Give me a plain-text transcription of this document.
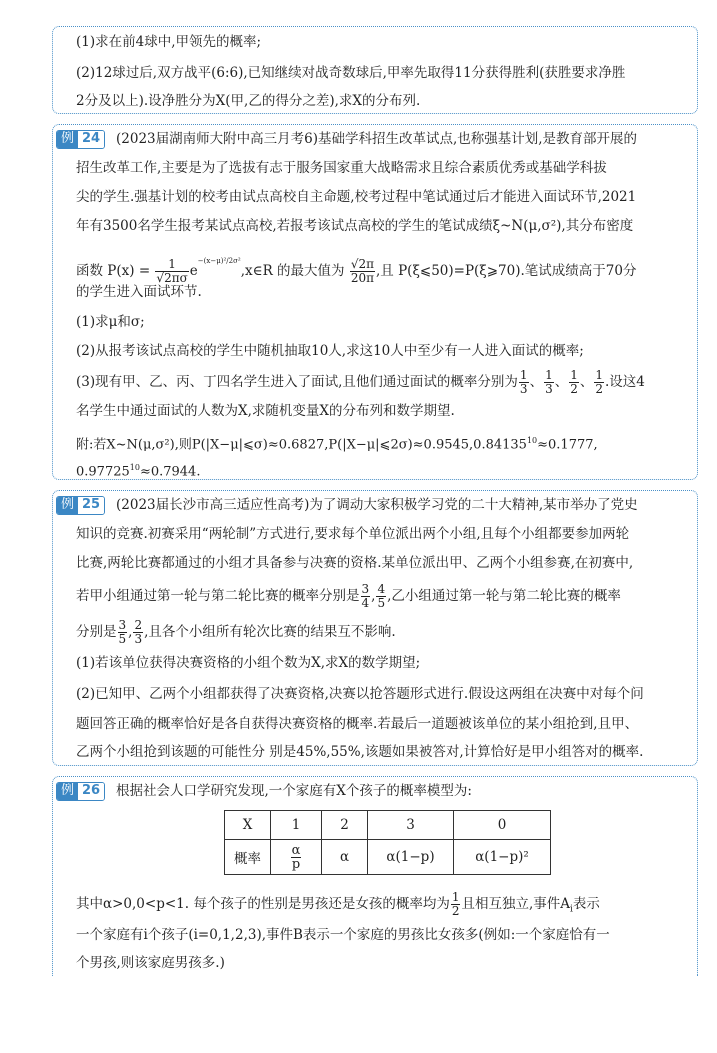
(1)求在前4球中,甲领先的概率;
(2)12球过后,双方战平(6:6),已知继续对战奇数球后,甲率先取得11分获得胜利(获胜要求净胜
2分及以上).设净胜分为X(甲,乙的得分之差),求X的分布列.
例 24 (2023届湖南师大附中高三月考6)基础学科招生改革试点,也称强基计划,是教育部开展的
招生改革工作,主要是为了选拔有志于服务国家重大战略需求且综合素质优秀或基础学科拔
尖的学生.强基计划的校考由试点高校自主命题,校考过程中笔试通过后才能进入面试环节,2021
年有3500名学生报考某试点高校,若报考该试点高校的学生的笔试成绩ξ~N(μ,σ²),其分布密度
函数 $P(x) = \frac{1}{√2\pi\sigma}$ $e^{-(x-\mu)^2/2\sigma^2},x\in R$ 的最大值为 $\frac{√2\pi}{20\pi}$ ,且 P(ξ⩽50)=P(ξ⩾70).笔试成绩高于70分
的学生进入面试环节.
(1)求μ和σ;
(2)从报考该试点高校的学生中随机抽取10人,求这10人中至少有一人进入面试的概率;
(3)现有甲、乙、丙、丁四名学生进入了面试,且他们通过面试的概率分别为 $\frac{1}{3}$ 、 $\frac{1}{3}$ 、 $\frac{1}{2}$ 、 $\frac{1}{2}$ .设这4
名学生中通过面试的人数为X,求随机变量X的分布列和数学期望.
附:若X~N(μ,σ²),则$P(|X-\mu|⩽\sigma)\approx 0.6827,P(|X-\mu|⩽2\sigma)\approx 0.9545,0.84135^{10}\approx 0.1777$,
$0.97725^{10}\approx 0.7944$.
例 25 (2023届长沙市高三适应性高考)为了调动大家积极学习党的二十大精神,某市举办了党史
知识的竞赛.初赛采用“两轮制”方式进行,要求每个单位派出两个小组,且每个小组都要参加两轮
比赛,两轮比赛都通过的小组才具备参与决赛的资格.某单位派出甲、乙两个小组参赛,在初赛中,
若甲小组通过第一轮与第二轮比赛的概率分别是 $\frac{3}{4}$ , $\frac{4}{5}$ ,乙小组通过第一轮与第二轮比赛的概率
分别是 $\frac{3}{5}$ , $\frac{2}{3}$ ,且各个小组所有轮次比赛的结果互不影响.
(1)若该单位获得决赛资格的小组个数为X,求X的数学期望;
(2)已知甲、乙两个小组都获得了决赛资格,决赛以抢答题形式进行.假设这两组在决赛中对每个问
题回答正确的概率恰好是各自获得决赛资格的概率.若最后一道题被该单位的某小组抢到,且甲、
乙两个小组抢到该题的可能性分 别是45%,55%,该题如果被答对,计算恰好是甲小组答对的概率.
例 26 根据社会人口学研究发现,一个家庭有X个孩子的概率模型为:
X	1	2	3	0
概率	$\frac{\alpha}{p}$	α	α(1−p)	α(1−p)²
其中α>0,0<p<1. 每个孩子的性别是男孩还是女孩的概率均为 $\frac{1}{2}$ 且相互独立,事件$A_i$表示
一个家庭有i个孩子(i=0,1,2,3),事件B表示一个家庭的男孩比女孩多(例如:一个家庭恰有一
个男孩,则该家庭男孩多.)
